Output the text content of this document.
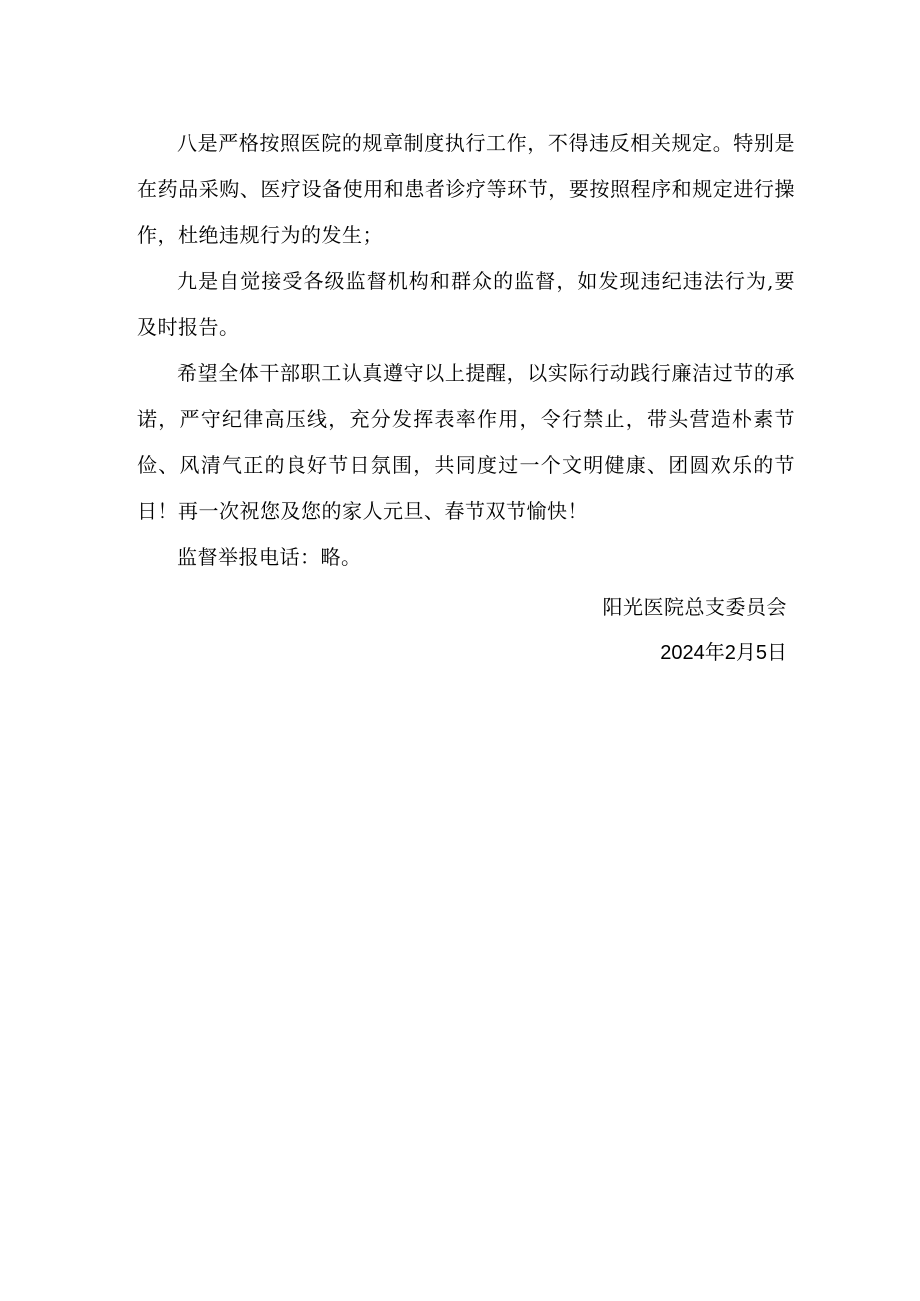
八是严格按照医院的规章制度执行工作，不得违反相关规定。特别是在药品采购、医疗设备使用和患者诊疗等环节，要按照程序和规定进行操作，杜绝违规行为的发生；

九是自觉接受各级监督机构和群众的监督，如发现违纪违法行为,要及时报告。

希望全体干部职工认真遵守以上提醒，以实际行动践行廉洁过节的承诺，严守纪律高压线，充分发挥表率作用，令行禁止，带头营造朴素节俭、风清气正的良好节日氛围，共同度过一个文明健康、团圆欢乐的节日！再一次祝您及您的家人元旦、春节双节愉快！

监督举报电话：略。

阳光医院总支委员会

2024年2月5日
